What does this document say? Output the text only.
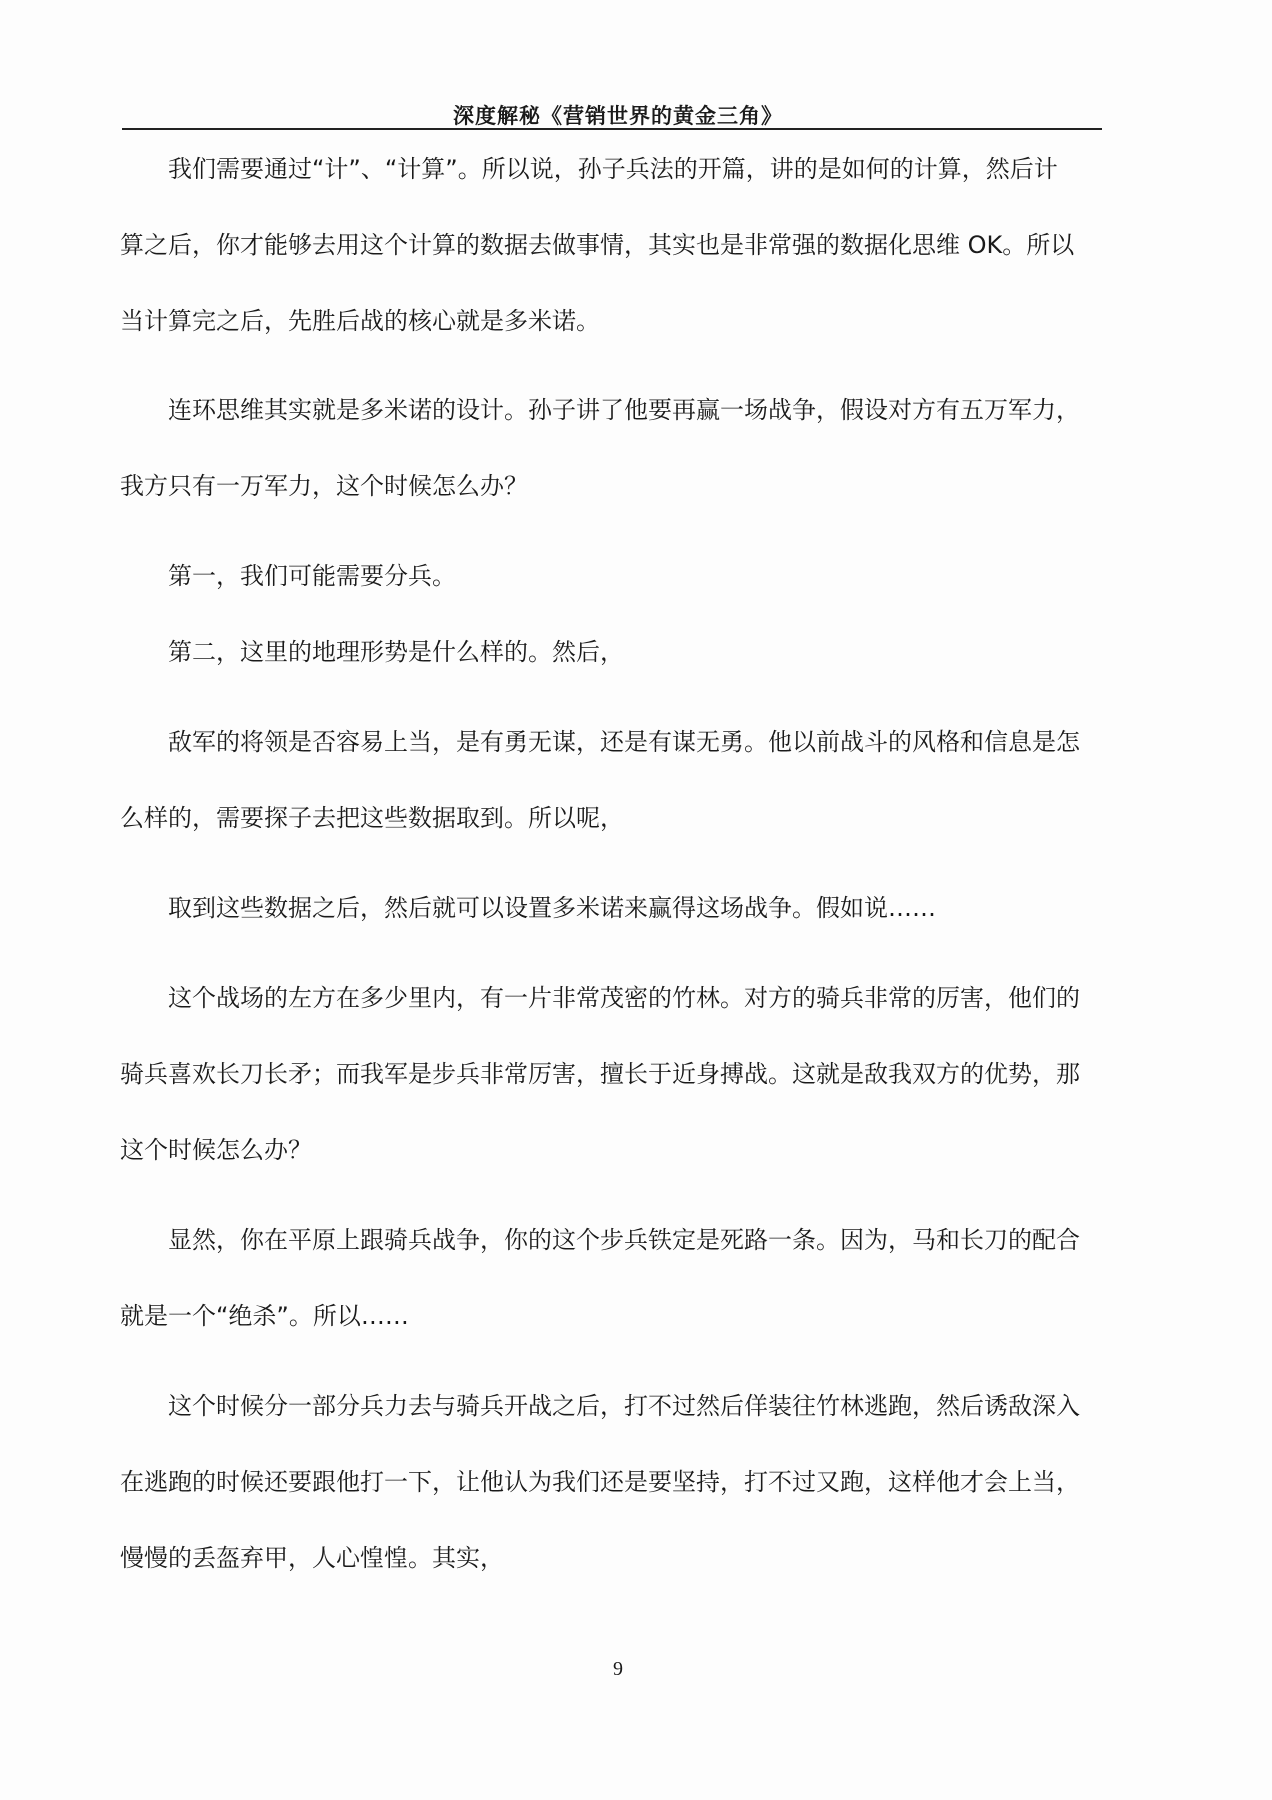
深度解秘《营销世界的黄金三角》
我们需要通过“计”、“计算”。所以说，孙子兵法的开篇，讲的是如何的计算，然后计
算之后，你才能够去用这个计算的数据去做事情，其实也是非常强的数据化思维 OK。所以
当计算完之后，先胜后战的核心就是多米诺。
连环思维其实就是多米诺的设计。孙子讲了他要再赢一场战争，假设对方有五万军力，
我方只有一万军力，这个时候怎么办？
第一，我们可能需要分兵。
第二，这里的地理形势是什么样的。然后，
敌军的将领是否容易上当，是有勇无谋，还是有谋无勇。他以前战斗的风格和信息是怎
么样的，需要探子去把这些数据取到。所以呢，
取到这些数据之后，然后就可以设置多米诺来赢得这场战争。假如说……
这个战场的左方在多少里内，有一片非常茂密的竹林。对方的骑兵非常的厉害，他们的
骑兵喜欢长刀长矛；而我军是步兵非常厉害，擅长于近身搏战。这就是敌我双方的优势，那
这个时候怎么办？
显然，你在平原上跟骑兵战争，你的这个步兵铁定是死路一条。因为，马和长刀的配合
就是一个“绝杀”。所以……
这个时候分一部分兵力去与骑兵开战之后，打不过然后佯装往竹林逃跑，然后诱敌深入
在逃跑的时候还要跟他打一下，让他认为我们还是要坚持，打不过又跑，这样他才会上当，
慢慢的丢盔弃甲，人心惶惶。其实，
9
